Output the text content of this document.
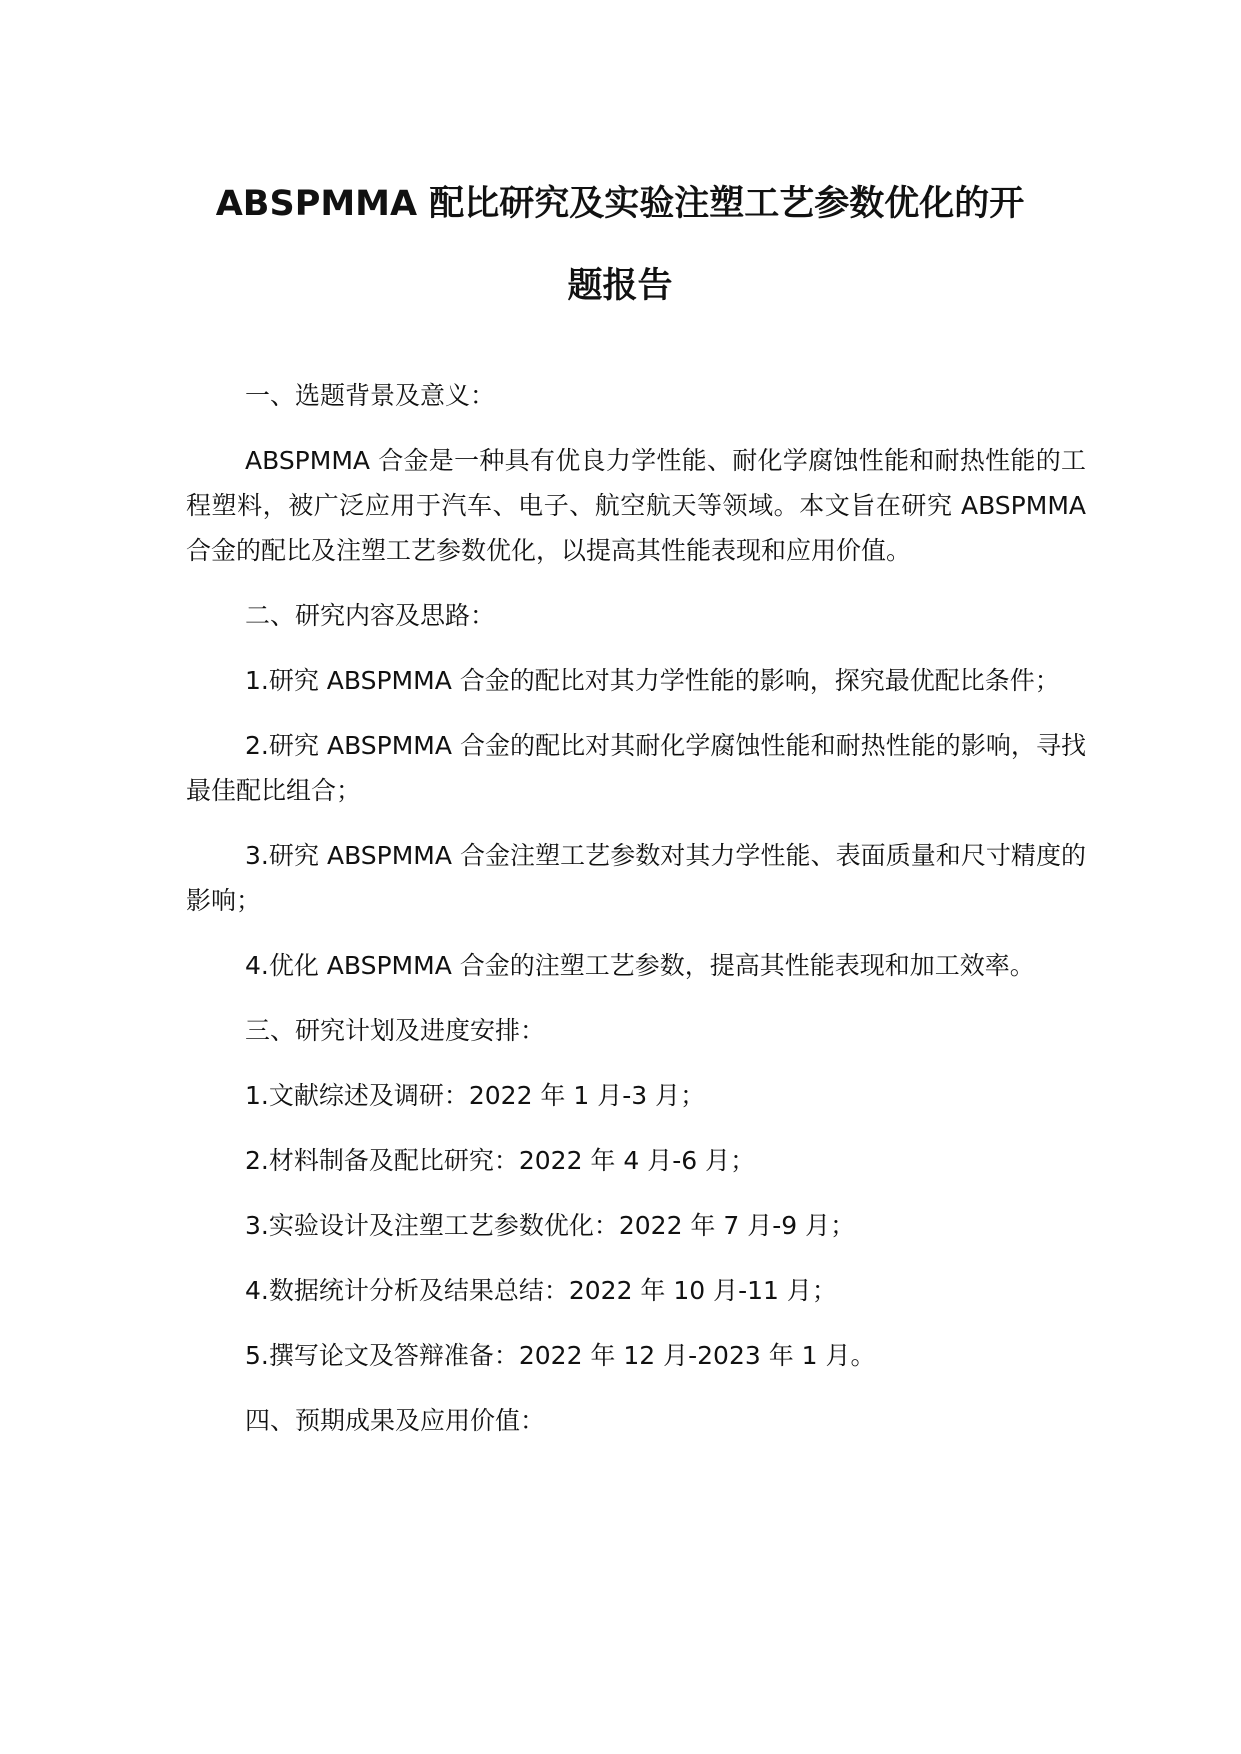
ABSPMMA 配比研究及实验注塑工艺参数优化的开
题报告

一、选题背景及意义：

ABSPMMA 合金是一种具有优良力学性能、耐化学腐蚀性能和耐热性能的工程塑料，被广泛应用于汽车、电子、航空航天等领域。本文旨在研究 ABSPMMA 合金的配比及注塑工艺参数优化，以提高其性能表现和应用价值。

二、研究内容及思路：

1.研究 ABSPMMA 合金的配比对其力学性能的影响，探究最优配比条件；

2.研究 ABSPMMA 合金的配比对其耐化学腐蚀性能和耐热性能的影响，寻找最佳配比组合；

3.研究 ABSPMMA 合金注塑工艺参数对其力学性能、表面质量和尺寸精度的影响；

4.优化 ABSPMMA 合金的注塑工艺参数，提高其性能表现和加工效率。

三、研究计划及进度安排：

1.文献综述及调研：2022 年 1 月-3 月；

2.材料制备及配比研究：2022 年 4 月-6 月；

3.实验设计及注塑工艺参数优化：2022 年 7 月-9 月；

4.数据统计分析及结果总结：2022 年 10 月-11 月；

5.撰写论文及答辩准备：2022 年 12 月-2023 年 1 月。

四、预期成果及应用价值：
